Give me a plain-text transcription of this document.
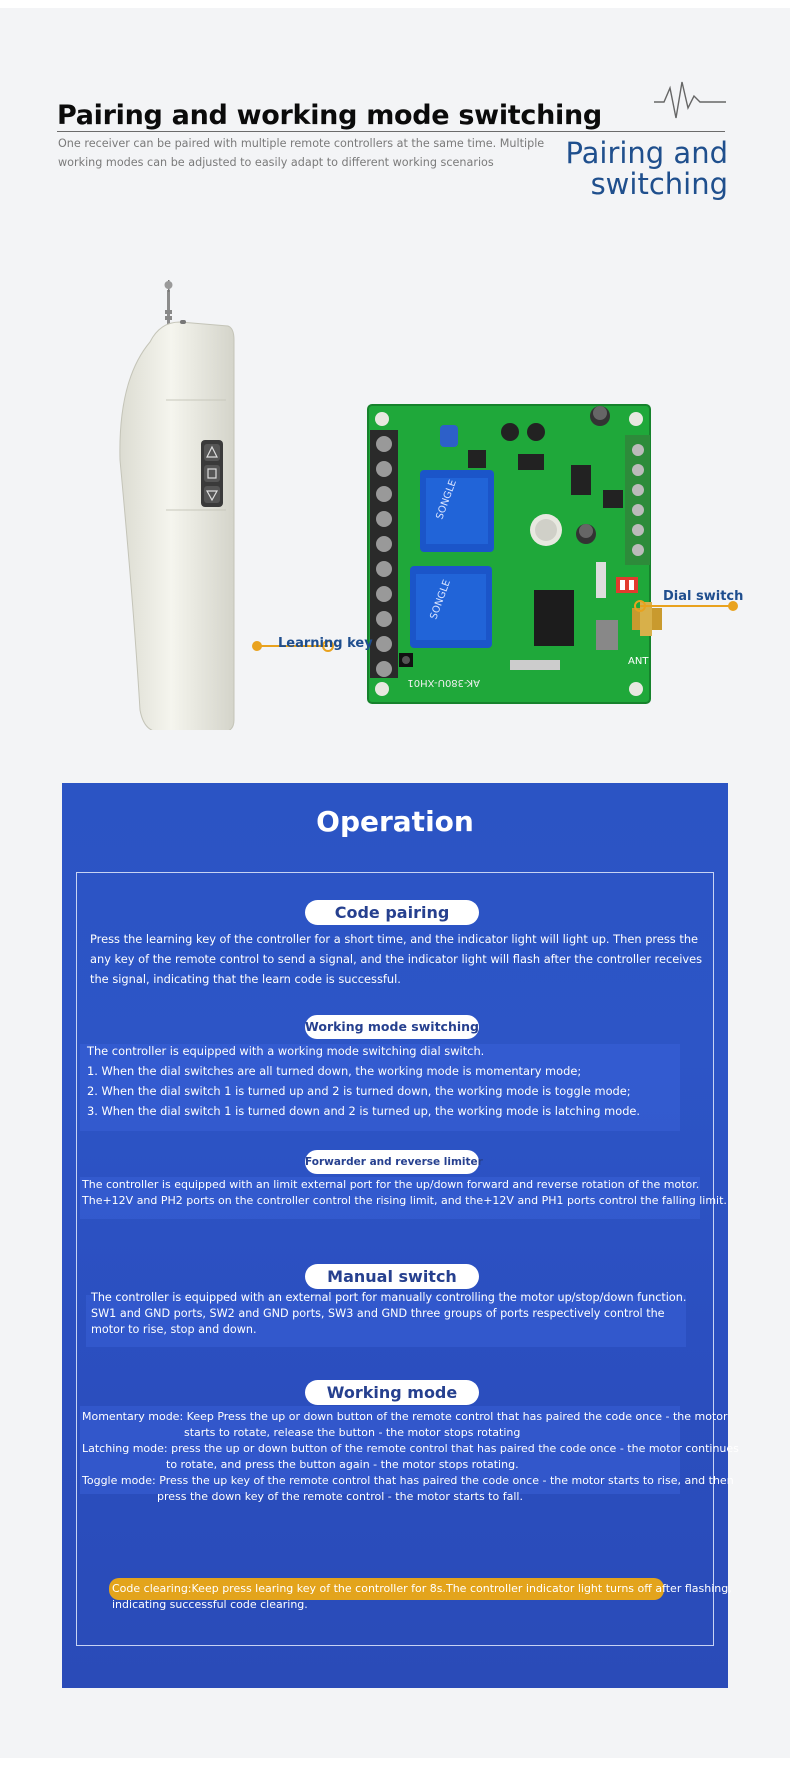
Pairing and working mode switching
One receiver can be paired with multiple remote controllers at the same time. Multiple working modes can be adjusted to easily adapt to different working scenarios	Pairing and
switching
SONGLE
SONGLE
ANT
AK-380U-XH01
Learning key
Dial switch
Operation
Code pairing
Press the learning key of the controller for a short time, and the indicator light will light up. Then press the any key of the remote control to send a signal, and the indicator light will flash after the controller receives the signal, indicating that the learn code is successful.
Working mode switching
The controller is equipped with a working mode switching dial switch.
1. When the dial switches are all turned down, the working mode is momentary mode;
2. When the dial switch 1 is turned up and 2 is turned down, the working mode is toggle mode;
3. When the dial switch 1 is turned down and 2 is turned up, the working mode is latching mode.
Forwarder and reverse limiter
The controller is equipped with an limit external port for the up/down forward and reverse rotation of the motor.
The+12V and PH2 ports on the controller control the rising limit, and the+12V and PH1 ports control the falling limit.
Manual switch
The controller is equipped with an external port for manually controlling the motor up/stop/down function. SW1 and GND ports, SW2 and GND ports, SW3 and GND three groups of ports respectively control the motor to rise, stop and down.
Working mode
Momentary mode: Keep Press the up or down button of the remote control that has paired the code once - the motor
starts to rotate, release the button - the motor stops rotating
Latching mode: press the up or down button of the remote control that has paired the code once - the motor continues
to rotate, and press the button again - the motor stops rotating.
Toggle mode: Press the up key of the remote control that has paired the code once - the motor starts to rise, and then
press the down key of the remote control - the motor starts to fall.
Code clearing:Keep press learing key of the controller for 8s.The controller indicator light turns off after flashing,
indicating successful code clearing.
